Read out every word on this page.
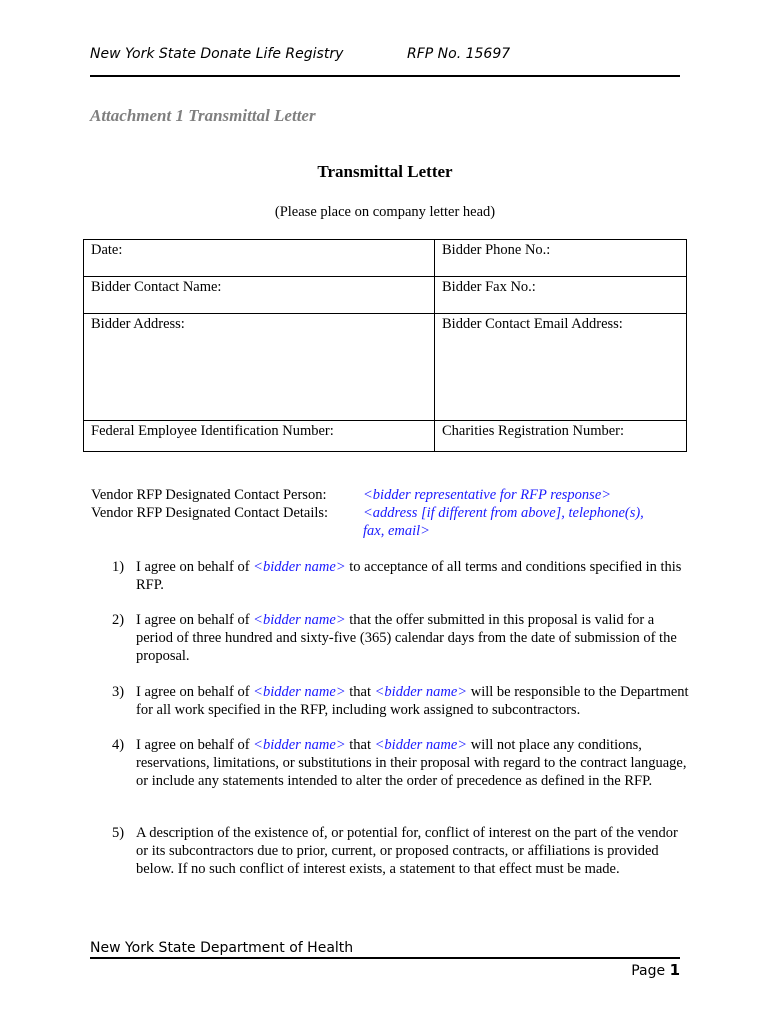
New York State Donate Life Registry	RFP No. 15697
Attachment 1 Transmittal Letter
Transmittal Letter
(Please place on company letter head)
Date:	Bidder Phone No.:
Bidder Contact Name:	Bidder Fax No.:
Bidder Address:	Bidder Contact Email Address:
Federal Employee Identification Number:	Charities Registration Number:
Vendor RFP Designated Contact Person:	<bidder representative for RFP response>
Vendor RFP Designated Contact Details: <address [if different from above], telephone(s),
fax, email>
1) I agree on behalf of <bidder name> to acceptance of all terms and conditions specified in this RFP.
2) I agree on behalf of <bidder name> that the offer submitted in this proposal is valid for a period of three hundred and sixty-five (365) calendar days from the date of submission of the proposal.
3) I agree on behalf of <bidder name> that <bidder name> will be responsible to the Department for all work specified in the RFP, including work assigned to subcontractors.
4) I agree on behalf of <bidder name> that <bidder name> will not place any conditions, reservations, limitations, or substitutions in their proposal with regard to the contract language, or include any statements intended to alter the order of precedence as defined in the RFP.
5) A description of the existence of, or potential for, conflict of interest on the part of the vendor or its subcontractors due to prior, current, or proposed contracts, or affiliations is provided below. If no such conflict of interest exists, a statement to that effect must be made.
New York State Department of Health
Page 1
